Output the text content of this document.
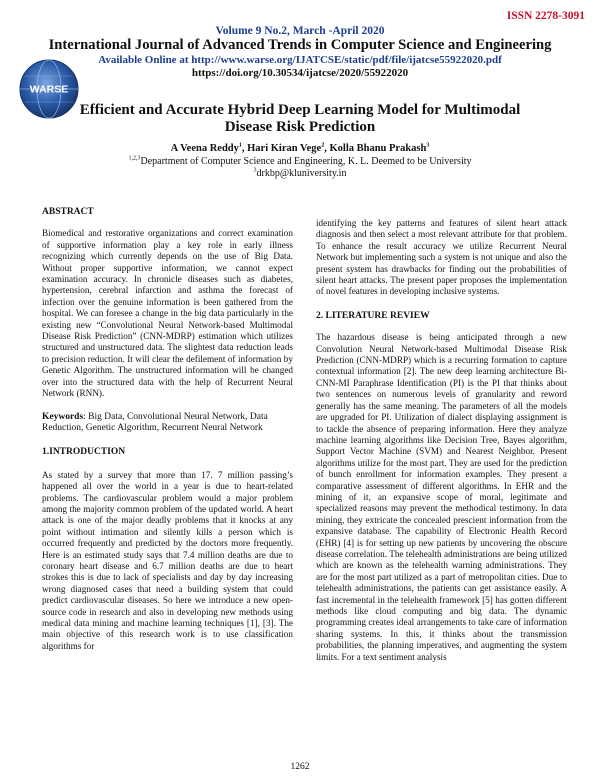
ISSN 2278-3091
Volume 9 No.2, March -April 2020
International Journal of Advanced Trends in Computer Science and Engineering
Available Online at http://www.warse.org/IJATCSE/static/pdf/file/ijatcse55922020.pdf
https://doi.org/10.30534/ijatcse/2020/55922020
WARSE
Efficient and Accurate Hybrid Deep Learning Model for Multimodal
Disease Risk Prediction
A Veena Reddy$^1$, Hari Kiran Vege$^2$, Kolla Bhanu Prakash$^3$
$^{1,2,3}$Department of Computer Science and Engineering, K. L. Deemed to be University
$^3$drkbp@kluniversity.in

ABSTRACT

Biomedical and restorative organizations and correct examination of supportive information play a key role in early illness recognizing which currently depends on the use of Big Data. Without proper supportive information, we cannot expect examination accuracy. In chronicle diseases such as diabetes, hypertension, cerebral infarction and asthma the forecast of infection over the genuine information is been gathered from the hospital. We can foresee a change in the big data particularly in the existing new “Convolutional Neural Network-based Multimodal Disease Risk Prediction” (CNN-MDRP) estimation which utilizes structured and unstructured data. The slightest data reduction leads to precision reduction. It will clear the defilement of information by Genetic Algorithm. The unstructured information will be changed over into the structured data with the help of Recurrent Neural Network (RNN).

Keywords: Big Data, Convolutional Neural Network, Data Reduction, Genetic Algorithm, Recurrent Neural Network

1.INTRODUCTION

As stated by a survey that more than 17. 7 million passing’s happened all over the world in a year is due to heart-related problems. The cardiovascular problem would a major problem among the majority common problem of the updated world. A heart attack is one of the major deadly problems that it knocks at any point without intimation and silently kills a person which is occurred frequently and predicted by the doctors more frequently. Here is an estimated study says that 7.4 million deaths are due to coronary heart disease and 6.7 million deaths are due to heart strokes this is due to lack of specialists and day by day increasing wrong diagnosed cases that need a building system that could predict cardiovascular diseases. So here we introduce a new open-source code in research and also in developing new methods using medical data mining and machine learning techniques [1], [3]. The main objective of this research work is to use classification algorithms for

identifying the key patterns and features of silent heart attack diagnosis and then select a most relevant attribute for that problem. To enhance the result accuracy we utilize Recurrent Neural Network but implementing such a system is not unique and also the present system has drawbacks for finding out the probabilities of silent heart attacks. The present paper proposes the implementation of novel features in developing inclusive systems.

2. LITERATURE REVIEW

The hazardous disease is being anticipated through a new Convolution Neural Network-based Multimodal Disease Risk Prediction (CNN-MDRP) which is a recurring formation to capture contextual information [2]. The new deep learning architecture Bi-CNN-MI Paraphrase Identification (PI) is the PI that thinks about two sentences on numerous levels of granularity and reword generally has the same meaning. The parameters of all the models are upgraded for PI. Utilization of dialect displaying assignment is to tackle the absence of preparing information. Here they analyze machine learning algorithms like Decision Tree, Bayes algorithm, Support Vector Machine (SVM) and Nearest Neighbor. Present algorithms utilize for the most part. They are used for the prediction of bunch enrollment for information examples. They present a comparative assessment of different algorithms. In EHR and the mining of it, an expansive scope of moral, legitimate and specialized reasons may prevent the methodical testimony. In data mining, they extricate the concealed prescient information from the expansive database. The capability of Electronic Health Record (EHR) [4] is for setting up new patients by uncovering the obscure disease correlation. The telehealth administrations are being utilized which are known as the telehealth warning administrations. They are for the most part utilized as a part of metropolitan cities. Due to telehealth administrations, the patients can get assistance easily. A fast incremental in the telehealth framework [5] has gotten different methods like cloud computing and big data. The dynamic programming creates ideal arrangements to take care of information sharing systems. In this, it thinks about the transmission probabilities, the planning imperatives, and augmenting the system limits. For a text sentiment analysis

1262
